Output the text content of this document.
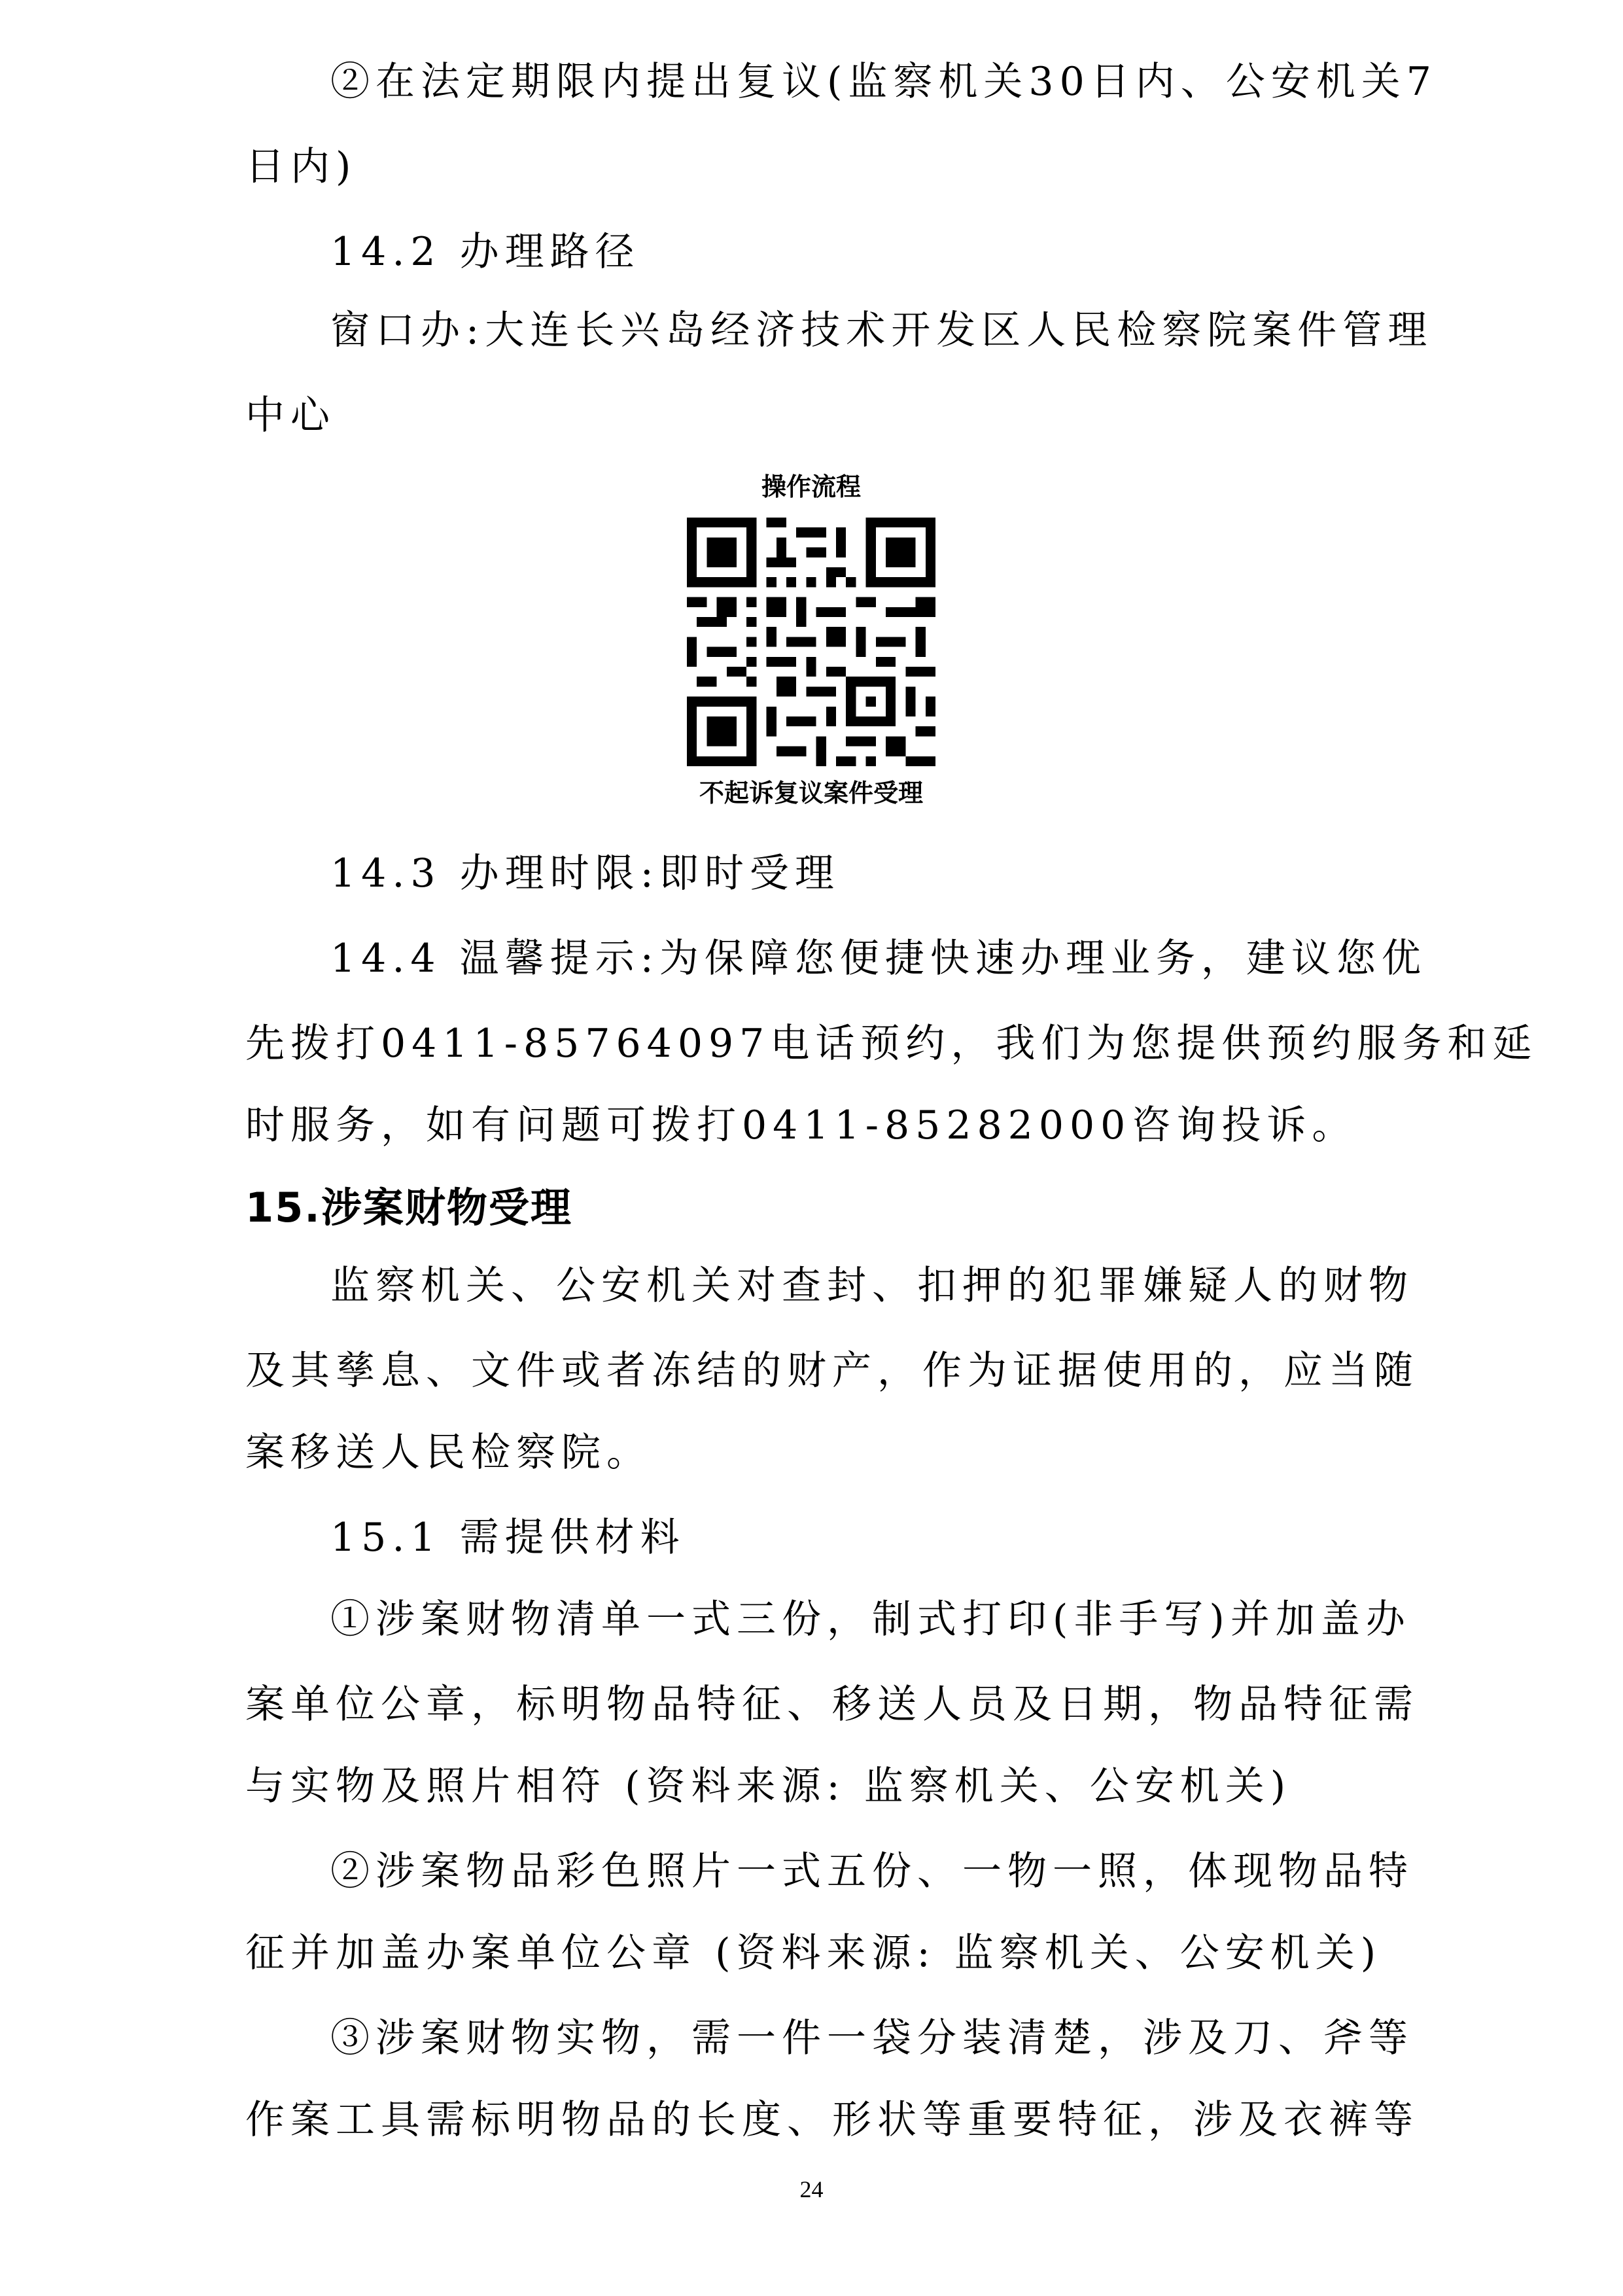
②在法定期限内提出复议(监察机关30日内、公安机关7
日内)
14.2 办理路径
窗口办:大连长兴岛经济技术开发区人民检察院案件管理
中心
操作流程
不起诉复议案件受理
14.3 办理时限:即时受理
14.4 温馨提示:为保障您便捷快速办理业务，建议您优
先拨打0411-85764097电话预约，我们为您提供预约服务和延
时服务，如有问题可拨打0411-85282000咨询投诉。
15.涉案财物受理
监察机关、公安机关对查封、扣押的犯罪嫌疑人的财物
及其孳息、文件或者冻结的财产，作为证据使用的，应当随
案移送人民检察院。
15.1 需提供材料
①涉案财物清单一式三份，制式打印(非手写)并加盖办
案单位公章，标明物品特征、移送人员及日期，物品特征需
与实物及照片相符 (资料来源: 监察机关、公安机关)
②涉案物品彩色照片一式五份、一物一照，体现物品特
征并加盖办案单位公章 (资料来源: 监察机关、公安机关)
③涉案财物实物，需一件一袋分装清楚，涉及刀、斧等
作案工具需标明物品的长度、形状等重要特征，涉及衣裤等
24
